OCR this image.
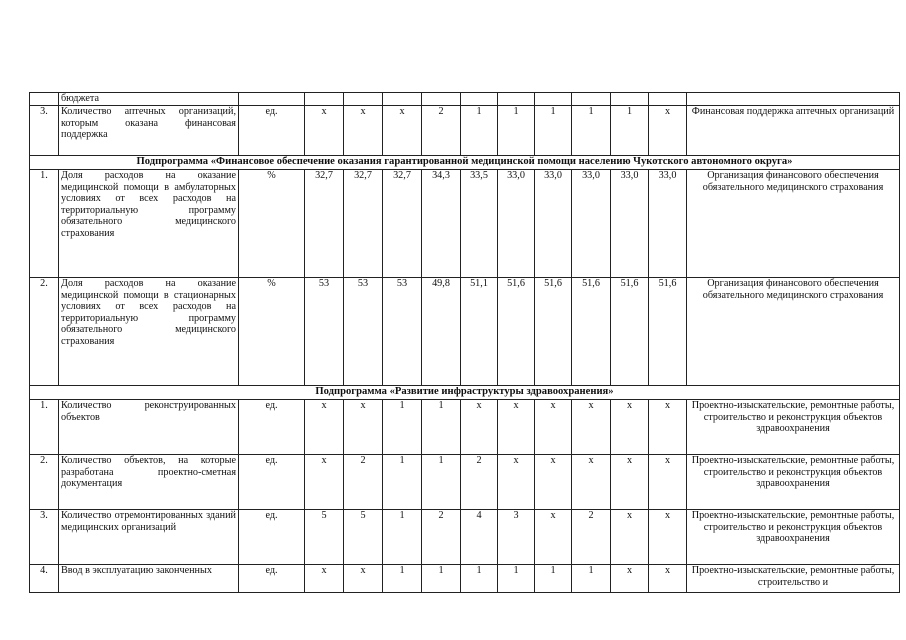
	бюджета												
3.	Количество аптечных организаций, которым оказана финансовая поддержка	ед.	х	х	х	2	1	1	1	1	1	х	Финансовая поддержка аптечных организаций
Подпрограмма «Финансовое обеспечение оказания гарантированной медицинской помощи населению Чукотского автономного округа»													
1.	Доля расходов на оказание медицинской помощи в амбулаторных условиях от всех расходов на территориальную программу обязательного медицинского страхования	%	32,7	32,7	32,7	34,3	33,5	33,0	33,0	33,0	33,0	33,0	Организация финансового обеспечения обязательного медицинского страхования
2.	Доля расходов на оказание медицинской помощи в стационарных условиях от всех расходов на территориальную программу обязательного медицинского страхования	%	53	53	53	49,8	51,1	51,6	51,6	51,6	51,6	51,6	Организация финансового обеспечения обязательного медицинского страхования
Подпрограмма «Развитие инфраструктуры здравоохранения»													
1.	Количество реконструированных объектов	ед.	х	х	1	1	х	х	х	х	х	х	Проектно-изыскательские, ремонтные работы, строительство и реконструкция объектов здравоохранения
2.	Количество объектов, на которые разработана проектно-сметная документация	ед.	х	2	1	1	2	х	х	х	х	х	Проектно-изыскательские, ремонтные работы, строительство и реконструкция объектов здравоохранения
3.	Количество отремонтированных зданий медицинских организаций	ед.	5	5	1	2	4	3	х	2	х	х	Проектно-изыскательские, ремонтные работы, строительство и реконструкция объектов здравоохранения
4.	Ввод в эксплуатацию законченных	ед.	х	х	1	1	1	1	1	1	х	х	Проектно-изыскательские, ремонтные работы, строительство и
